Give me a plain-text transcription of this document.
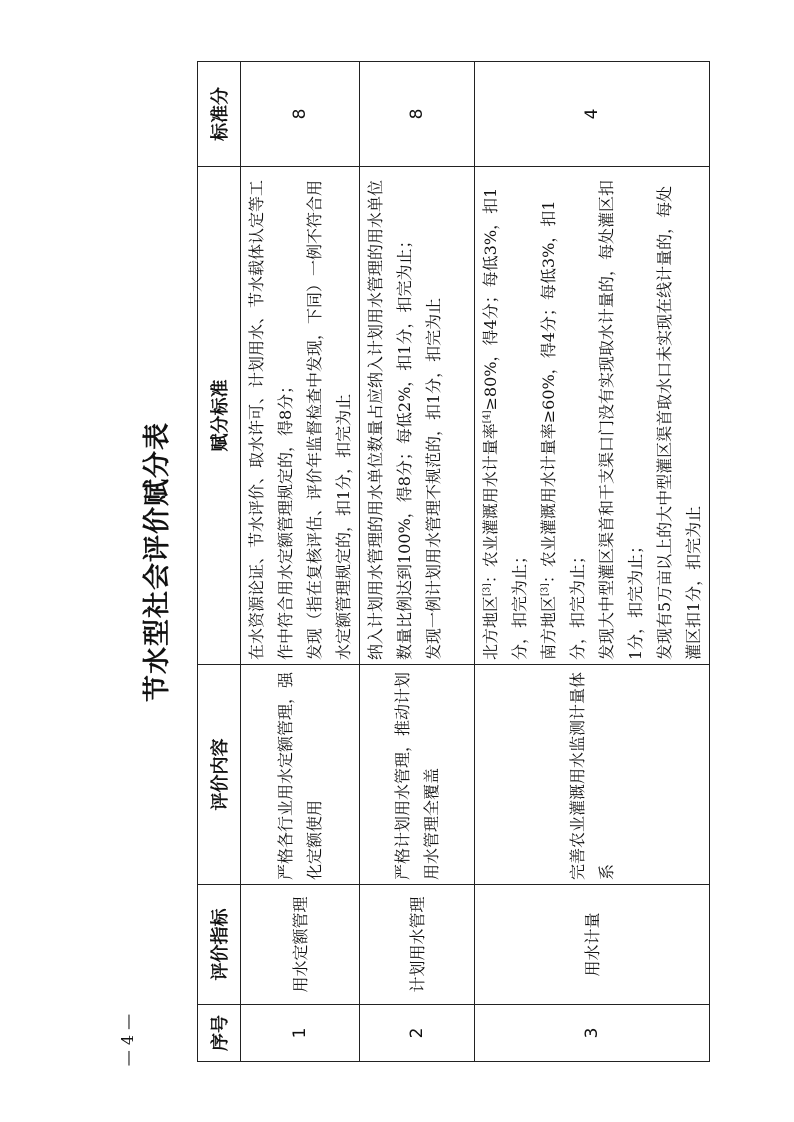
— 4 —
节水型社会评价赋分表
序号	评价指标	评价内容	赋分标准	标准分
1	用水定额管理	严格各行业用水定额管理，强化定额使用	在水资源论证、节水评价、取水许可、计划用水、节水载体认定等工作中符合用水定额管理规定的，得8分； 发现（指在复核评估、评价年监督检查中发现，下同）一例不符合用水定额管理规定的，扣1分，扣完为止	8
2	计划用水管理	严格计划用水管理，推动计划用水管理全覆盖	纳入计划用水管理的用水单位数量占应纳入计划用水管理的用水单位数量比例达到100%，得8分；每低2%，扣1分，扣完为止； 发现一例计划用水管理不规范的，扣1分，扣完为止	8
3	用水计量	完善农业灌溉用水监测计量体系	北方地区[3]：农业灌溉用水计量率[4]≥80%，得4分；每低3%，扣1分，扣完为止； 南方地区[3]：农业灌溉用水计量率≥60%，得4分；每低3%，扣1分，扣完为止； 发现大中型灌区渠首和干支渠口门没有实现取水计量的，每处灌区扣1分，扣完为止； 发现有5万亩以上的大中型灌区渠首取水口未实现在线计量的，每处灌区扣1分，扣完为止	4
